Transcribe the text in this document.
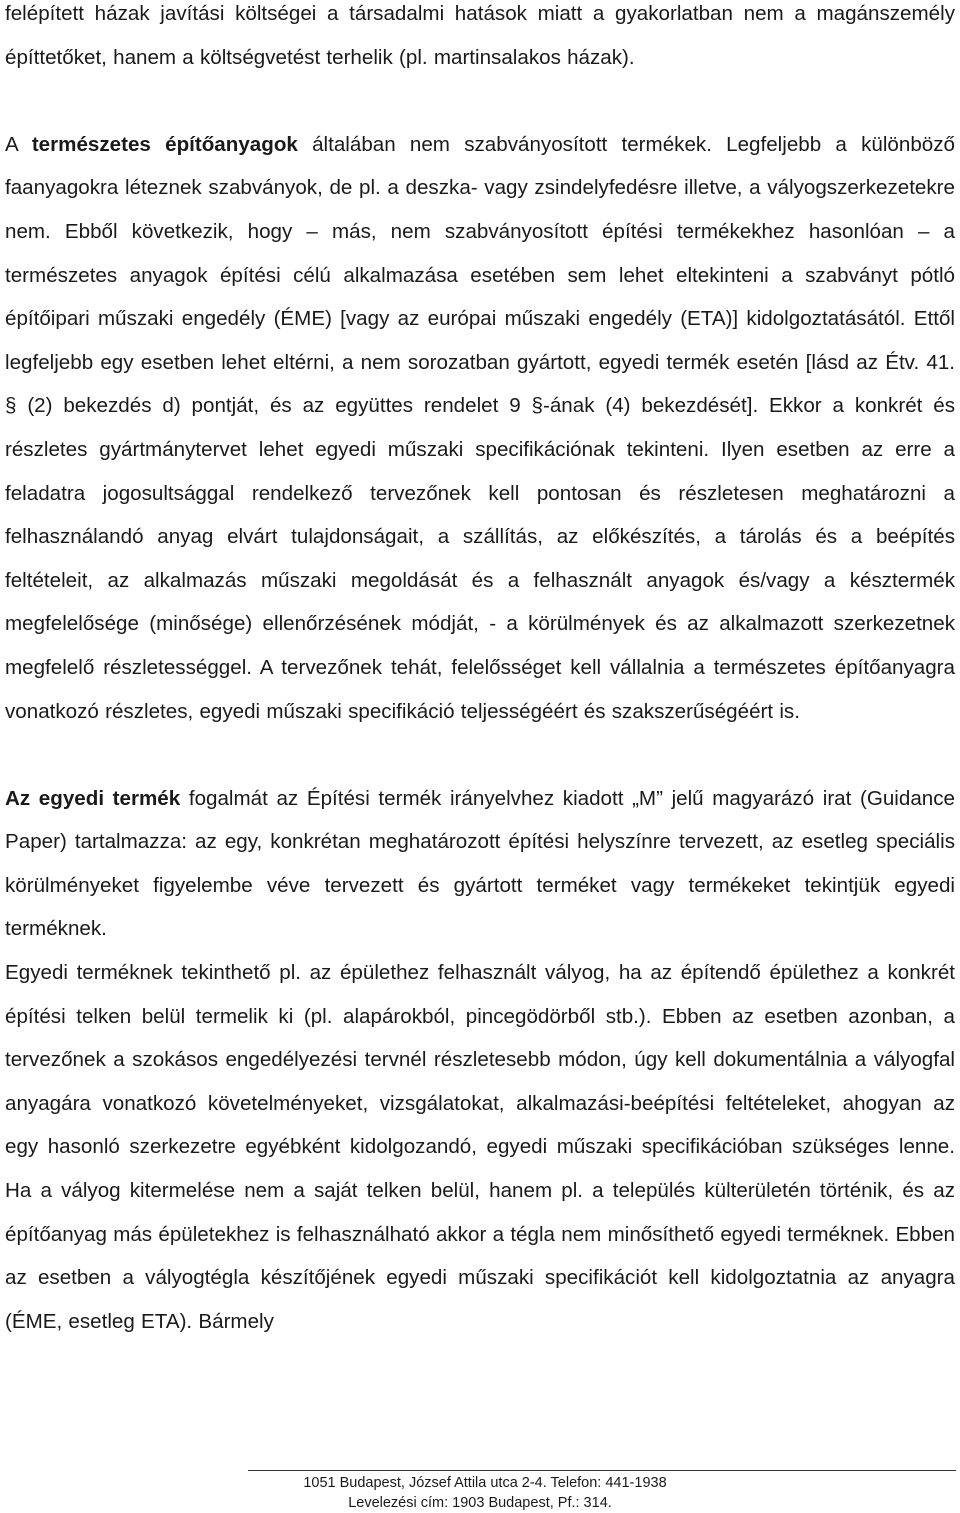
felépített házak javítási költségei a társadalmi hatások miatt a gyakorlatban nem a magánszemély építtetőket, hanem a költségvetést terhelik (pl. martinsalakos házak).

A természetes építőanyagok általában nem szabványosított termékek. Legfeljebb a különböző faanyagokra léteznek szabványok, de pl. a deszka- vagy zsindelyfedésre illetve, a vályogszerkezetekre nem. Ebből következik, hogy – más, nem szabványosított építési termékekhez hasonlóan – a természetes anyagok építési célú alkalmazása esetében sem lehet eltekinteni a szabványt pótló építőipari műszaki engedély (ÉME) [vagy az európai műszaki engedély (ETA)] kidolgoztatásától. Ettől legfeljebb egy esetben lehet eltérni, a nem sorozatban gyártott, egyedi termék esetén [lásd az Étv. 41. § (2) bekezdés d) pontját, és az együttes rendelet 9 §-ának (4) bekezdését]. Ekkor a konkrét és részletes gyártmánytervet lehet egyedi műszaki specifikációnak tekinteni. Ilyen esetben az erre a feladatra jogosultsággal rendelkező tervezőnek kell pontosan és részletesen meghatározni a felhasználandó anyag elvárt tulajdonságait, a szállítás, az előkészítés, a tárolás és a beépítés feltételeit, az alkalmazás műszaki megoldását és a felhasznált anyagok és/vagy a késztermék megfelelősége (minősége) ellenőrzésének módját, - a körülmények és az alkalmazott szerkezetnek megfelelő részletességgel. A tervezőnek tehát, felelősséget kell vállalnia a természetes építőanyagra vonatkozó részletes, egyedi műszaki specifikáció teljességéért és szakszerűségéért is.

Az egyedi termék fogalmát az Építési termék irányelvhez kiadott „M” jelű magyarázó irat (Guidance Paper) tartalmazza: az egy, konkrétan meghatározott építési helyszínre tervezett, az esetleg speciális körülményeket figyelembe véve tervezett és gyártott terméket vagy termékeket tekintjük egyedi terméknek.

Egyedi terméknek tekinthető pl. az épülethez felhasznált vályog, ha az építendő épülethez a konkrét építési telken belül termelik ki (pl. alapárokból, pincegödörből stb.). Ebben az esetben azonban, a tervezőnek a szokásos engedélyezési tervnél részletesebb módon, úgy kell dokumentálnia a vályogfal anyagára vonatkozó követelményeket, vizsgálatokat, alkalmazási-beépítési feltételeket, ahogyan az egy hasonló szerkezetre egyébként kidolgozandó, egyedi műszaki specifikációban szükséges lenne. Ha a vályog kitermelése nem a saját telken belül, hanem pl. a település külterületén történik, és az építőanyag más épületekhez is felhasználható akkor a tégla nem minősíthető egyedi terméknek. Ebben az esetben a vályogtégla készítőjének egyedi műszaki specifikációt kell kidolgoztatnia az anyagra (ÉME, esetleg ETA). Bármely

1051 Budapest, József Attila utca 2-4. Telefon: 441-1938
Levelezési cím: 1903 Budapest, Pf.: 314.
